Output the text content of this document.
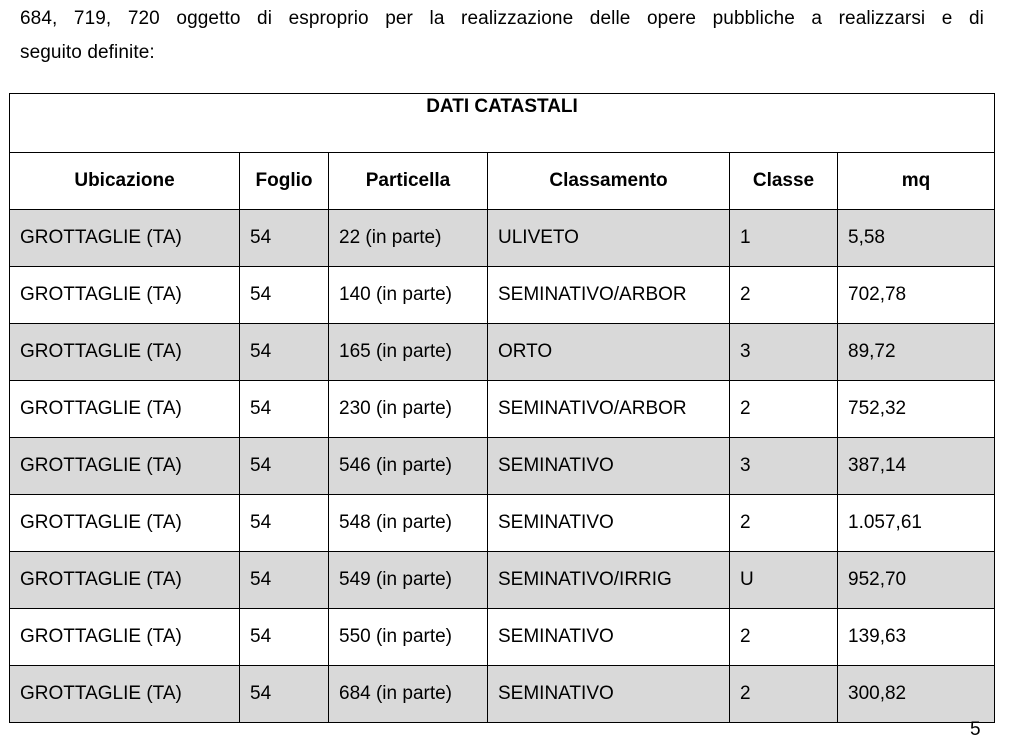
684, 719, 720 oggetto di esproprio per la realizzazione delle opere pubbliche a realizzarsi e di
seguito definite:
DATI CATASTALI					
Ubicazione	Foglio	Particella	Classamento	Classe	mq
GROTTAGLIE (TA)	54	22 (in parte)	ULIVETO	1	5,58
GROTTAGLIE (TA)	54	140 (in parte)	SEMINATIVO/ARBOR	2	702,78
GROTTAGLIE (TA)	54	165 (in parte)	ORTO	3	89,72
GROTTAGLIE (TA)	54	230 (in parte)	SEMINATIVO/ARBOR	2	752,32
GROTTAGLIE (TA)	54	546 (in parte)	SEMINATIVO	3	387,14
GROTTAGLIE (TA)	54	548 (in parte)	SEMINATIVO	2	1.057,61
GROTTAGLIE (TA)	54	549 (in parte)	SEMINATIVO/IRRIG	U	952,70
GROTTAGLIE (TA)	54	550 (in parte)	SEMINATIVO	2	139,63
GROTTAGLIE (TA)	54	684 (in parte)	SEMINATIVO	2	300,82
5
